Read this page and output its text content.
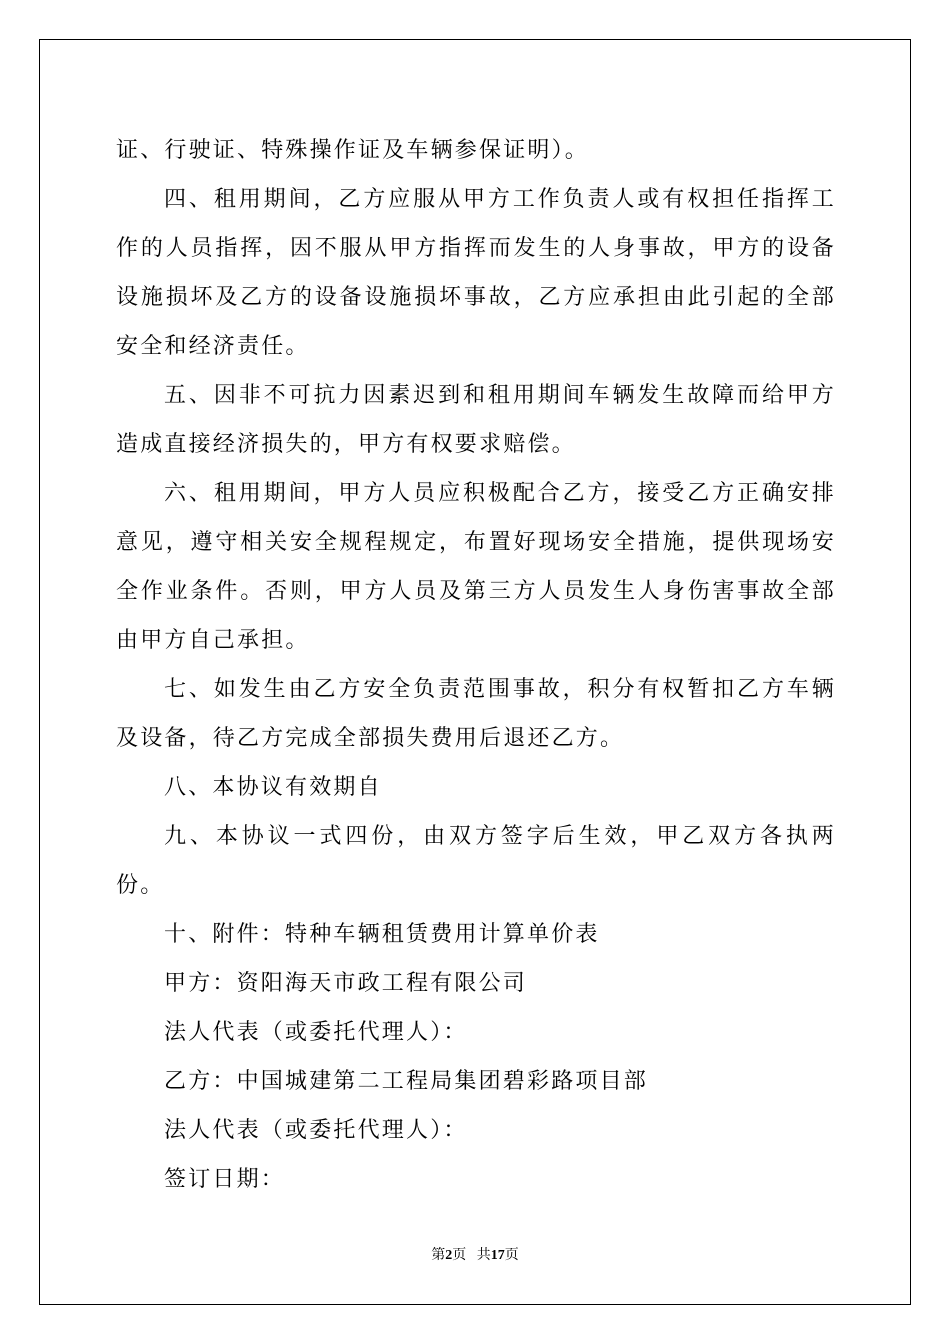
证、行驶证、特殊操作证及车辆参保证明）。

四、租用期间，乙方应服从甲方工作负责人或有权担任指挥工作的人员指挥，因不服从甲方指挥而发生的人身事故，甲方的设备设施损坏及乙方的设备设施损坏事故，乙方应承担由此引起的全部安全和经济责任。

五、因非不可抗力因素迟到和租用期间车辆发生故障而给甲方造成直接经济损失的，甲方有权要求赔偿。

六、租用期间，甲方人员应积极配合乙方，接受乙方正确安排意见，遵守相关安全规程规定，布置好现场安全措施，提供现场安全作业条件。否则，甲方人员及第三方人员发生人身伤害事故全部由甲方自己承担。

七、如发生由乙方安全负责范围事故，积分有权暂扣乙方车辆及设备，待乙方完成全部损失费用后退还乙方。

八、本协议有效期自

九、本协议一式四份，由双方签字后生效，甲乙双方各执两份。

十、附件：特种车辆租赁费用计算单价表

甲方：资阳海天市政工程有限公司

法人代表（或委托代理人）：

乙方：中国城建第二工程局集团碧彩路项目部

法人代表（或委托代理人）：

签订日期：

第2页 共17页
